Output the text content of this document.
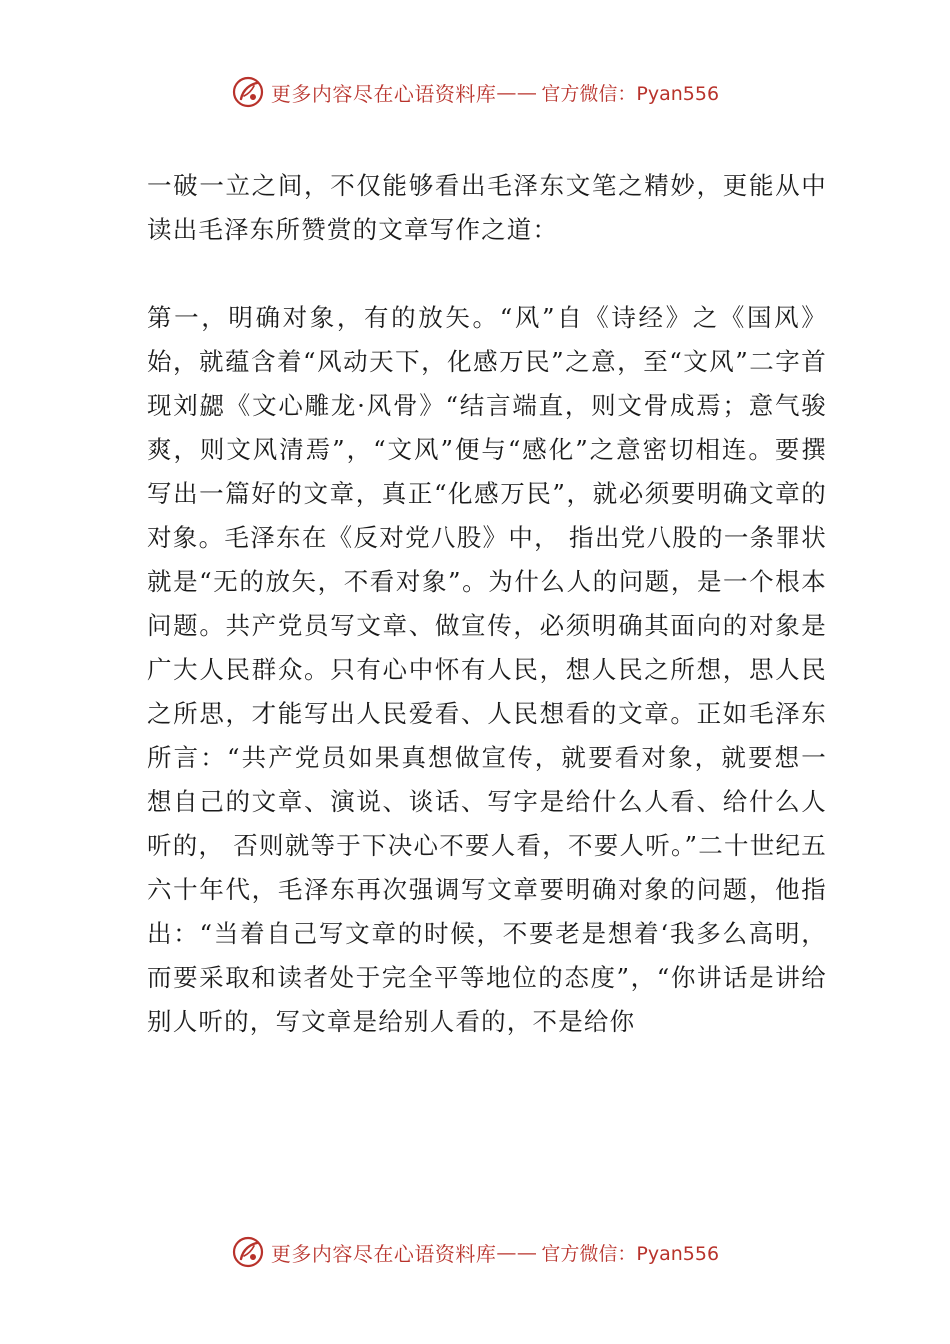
更多内容尽在心语资料库 —— 官方微信：Pyan556

一破一立之间，不仅能够看出毛泽东文笔之精妙，更能从中读出毛泽东所赞赏的文章写作之道：

第一，明确对象，有的放矢。“风”自《诗经》之《国风》始，就蕴含着“风动天下，化感万民”之意，至“文风”二字首现刘勰《文心雕龙·风骨》“结言端直，则文骨成焉；意气骏爽，则文风清焉”，“文风”便与“感化”之意密切相连。要撰写出一篇好的文章，真正“化感万民”，就必须要明确文章的对象。毛泽东在《反对党八股》中， 指出党八股的一条罪状就是“无的放矢，不看对象”。为什么人的问题，是一个根本问题。共产党员写文章、做宣传，必须明确其面向的对象是广大人民群众。只有心中怀有人民，想人民之所想，思人民之所思，才能写出人民爱看、人民想看的文章。正如毛泽东所言：“共产党员如果真想做宣传，就要看对象，就要想一想自己的文章、演说、谈话、写字是给什么人看、给什么人听的， 否则就等于下决心不要人看，不要人听。”二十世纪五六十年代，毛泽东再次强调写文章要明确对象的问题，他指出：“当着自己写文章的时候，不要老是想着‘我多么高明，而要采取和读者处于完全平等地位的态度”，“你讲话是讲给别人听的，写文章是给别人看的，不是给你

更多内容尽在心语资料库 —— 官方微信：Pyan556
